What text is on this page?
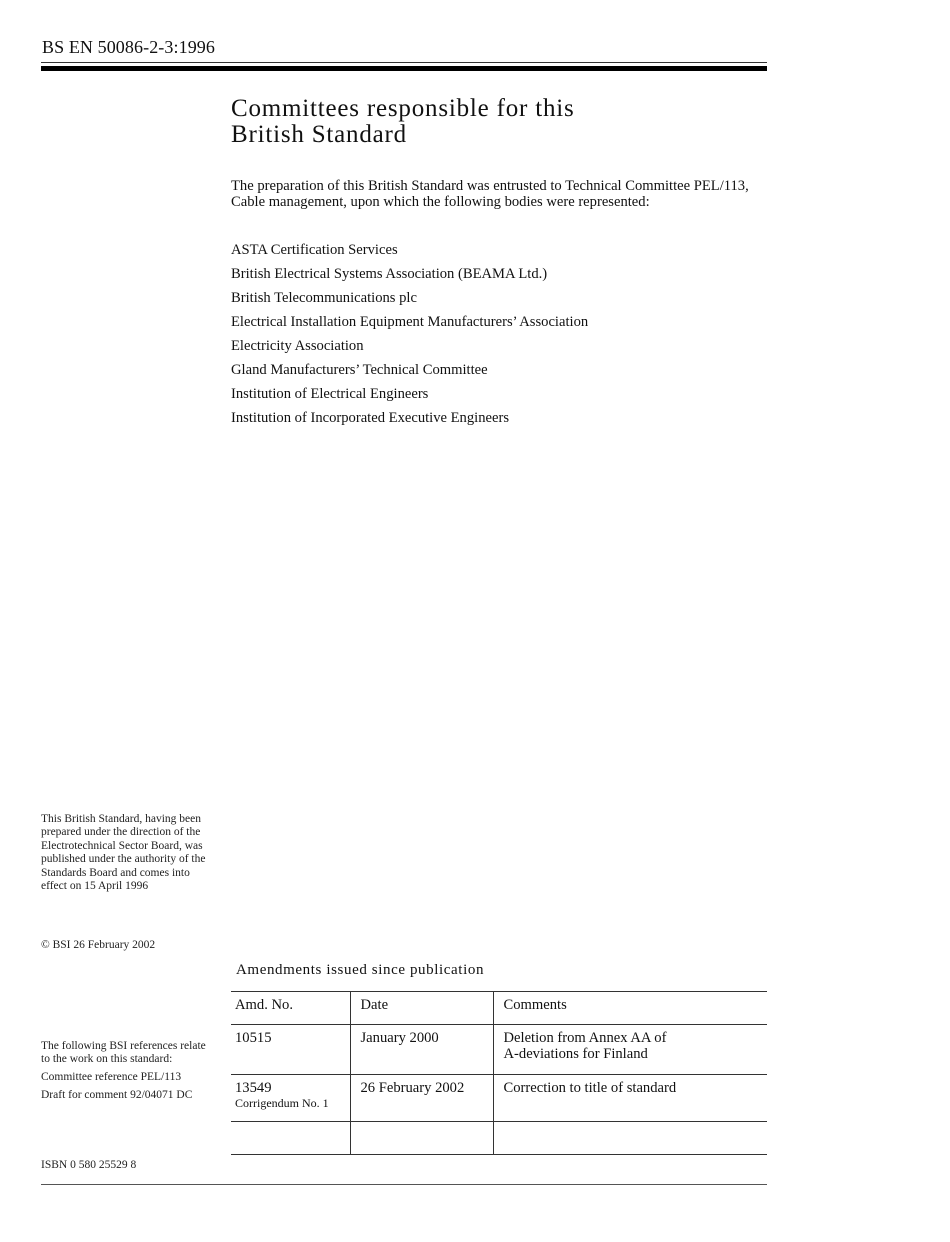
BS EN 50086-2-3:1996
Committees responsible for this
British Standard

The preparation of this British Standard was entrusted to Technical Committee PEL/113, Cable management, upon which the following bodies were represented:

ASTA Certification Services
British Electrical Systems Association (BEAMA Ltd.)
British Telecommunications plc
Electrical Installation Equipment Manufacturers’ Association
Electricity Association
Gland Manufacturers’ Technical Committee
Institution of Electrical Engineers
Institution of Incorporated Executive Engineers

This British Standard, having been prepared under the direction of the Electrotechnical Sector Board, was published under the authority of the Standards Board and comes into effect on 15 April 1996

© BSI 26 February 2002

The following BSI references relate to the work on this standard:

Committee reference PEL/113

Draft for comment 92/04071 DC

Amendments issued since publication
Amd. No.	Date	Comments
10515	January 2000	Deletion from Annex AA of
A-deviations for Finland

13549
Corrigendum No. 1	26 February 2002	Correction to title of standard

ISBN 0 580 25529 8
